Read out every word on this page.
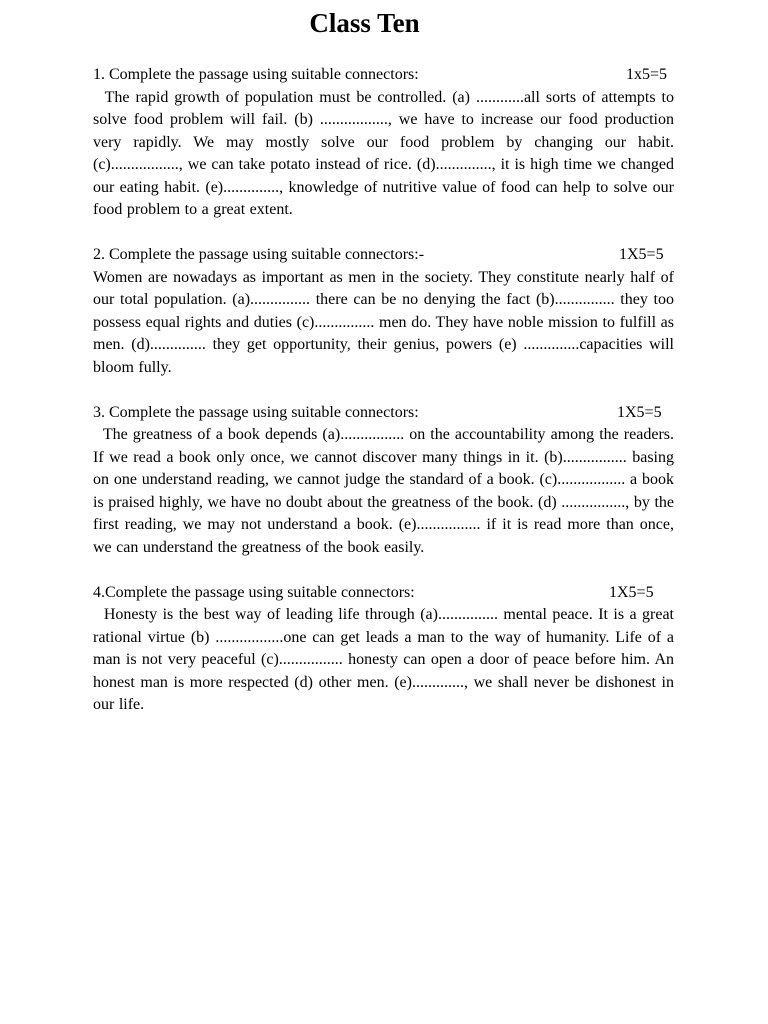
Class Ten
1. Complete the passage using suitable connectors:	1x5=5

The rapid growth of population must be controlled. (a) ............all sorts of attempts to solve food problem will fail. (b) ................., we have to increase our food production very rapidly. We may mostly solve our food problem by changing our habit. (c)................., we can take potato instead of rice. (d).............., it is high time we changed our eating habit. (e).............., knowledge of nutritive value of food can help to solve our food problem to a great extent.

2. Complete the passage using suitable connectors:-	1X5=5

Women are nowadays as important as men in the society. They constitute nearly half of our total population. (a)............... there can be no denying the fact (b)............... they too possess equal rights and duties (c)............... men do. They have noble mission to fulfill as men. (d).............. they get opportunity, their genius, powers (e) ..............capacities will bloom fully.

3. Complete the passage using suitable connectors:	1X5=5

The greatness of a book depends (a)................ on the accountability among the readers. If we read a book only once, we cannot discover many things in it. (b)................ basing on one understand reading, we cannot judge the standard of a book. (c)................. a book is praised highly, we have no doubt about the greatness of the book. (d) ................, by the first reading, we may not understand a book. (e)................ if it is read more than once, we can understand the greatness of the book easily.

4.Complete the passage using suitable connectors:	1X5=5

Honesty is the best way of leading life through (a)............... mental peace. It is a great rational virtue (b) .................one can get leads a man to the way of humanity. Life of a man is not very peaceful (c)................ honesty can open a door of peace before him. An honest man is more respected (d) other men. (e)............., we shall never be dishonest in our life.
